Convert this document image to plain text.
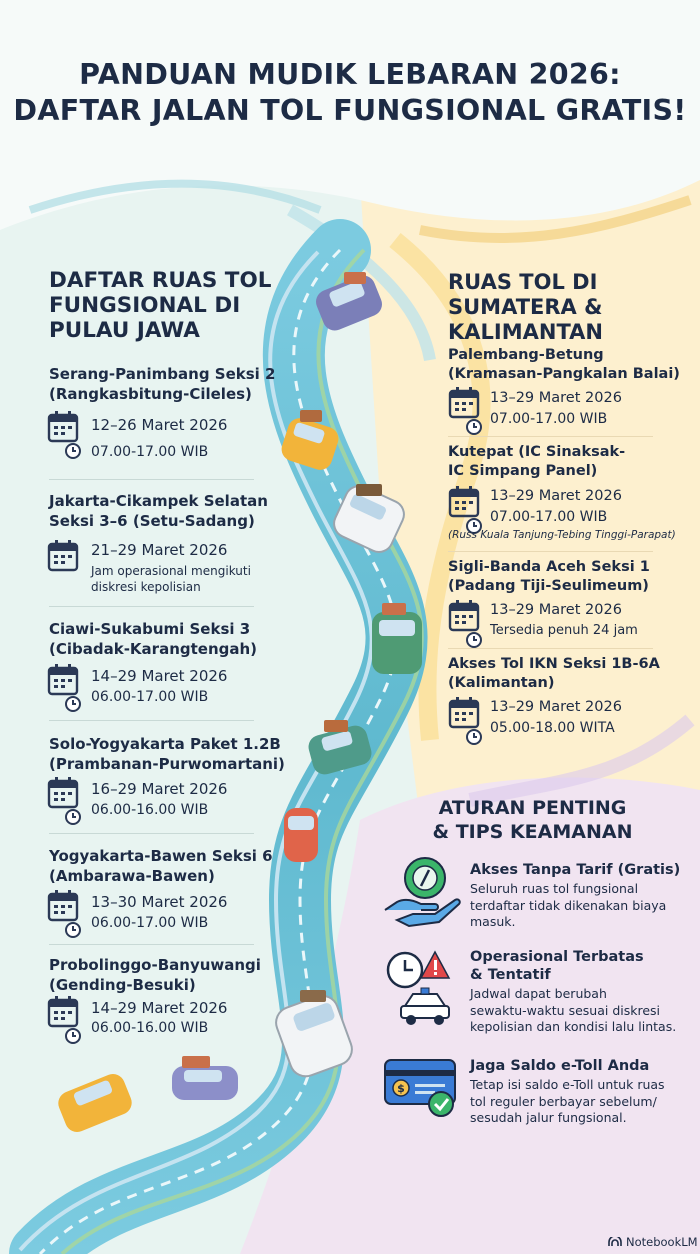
PANDUAN MUDIK LEBARAN 2026:
DAFTAR JALAN TOL FUNGSIONAL GRATIS!
DAFTAR RUAS TOL
FUNGSIONAL DI
PULAU JAWA
Serang-Panimbang Seksi 2
(Rangkasbitung-Cileles)
12–26 Maret 2026
07.00-17.00 WIB
Jakarta-Cikampek Selatan
Seksi 3–6 (Setu-Sadang)
21–29 Maret 2026
Jam operasional mengikuti
diskresi kepolisian
Ciawi-Sukabumi Seksi 3
(Cibadak-Karangtengah)
14–29 Maret 2026
06.00-17.00 WIB
Solo-Yogyakarta Paket 1.2B
(Prambanan-Purwomartani)
16–29 Maret 2026
06.00-16.00 WIB
Yogyakarta-Bawen Seksi 6
(Ambarawa-Bawen)
13–30 Maret 2026
06.00-17.00 WIB
Probolinggo-Banyuwangi
(Gending-Besuki)
14–29 Maret 2026
06.00-16.00 WIB
RUAS TOL DI
SUMATERA &
KALIMANTAN
Palembang-Betung
(Kramasan-Pangkalan Balai)
13–29 Maret 2026
07.00-17.00 WIB
Kutepat (IC Sinaksak-
IC Simpang Panel)
13–29 Maret 2026
07.00-17.00 WIB
(Russ Kuala Tanjung-Tebing Tinggi-Parapat)
Sigli-Banda Aceh Seksi 1
(Padang Tiji-Seulimeum)
13–29 Maret 2026
Tersedia penuh 24 jam
Akses Tol IKN Seksi 1B-6A
(Kalimantan)
13–29 Maret 2026
05.00-18.00 WITA
ATURAN PENTING
& TIPS KEAMANAN
Akses Tanpa Tarif (Gratis)
Seluruh ruas tol fungsional
terdaftar tidak dikenakan biaya
masuk.
Operasional Terbatas
& Tentatif
Jadwal dapat berubah
sewaktu-waktu sesuai diskresi
kepolisian dan kondisi lalu lintas.
$
Jaga Saldo e-Toll Anda
Tetap isi saldo e-Toll untuk ruas
tol reguler berbayar sebelum/
sesudah jalur fungsional.
NotebookLM
